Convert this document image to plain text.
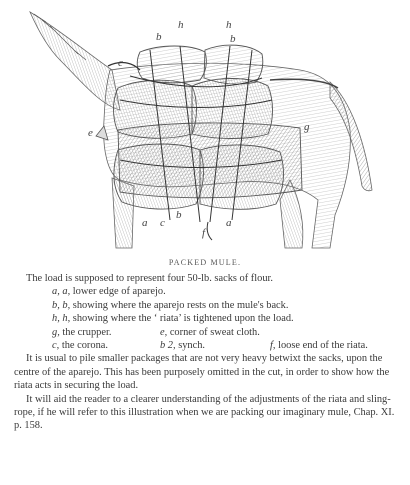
h	h
b	b
c
e	g
a	a
b
c
f
PACKED MULE.

The load is supposed to represent four 50-lb. sacks of flour.

a, a, lower edge of aparejo.

b, b, showing where the aparejo rests on the mule's back.

h, h, showing where the ‘ riata’ is tightened upon the load.

g, the crupper.	e, corner of sweat cloth.

c, the corona.	b 2, synch.	f, loose end of the riata.

It is usual to pile smaller packages that are not very heavy betwixt the sacks, upon the centre of the aparejo. This has been purposely omitted in the cut, in order to show how the riata acts in securing the load.

It will aid the reader to a clearer understanding of the adjustments of the riata and sling-rope, if he will refer to this illustration when we are packing our imaginary mule, Chap. XI. p. 158.
